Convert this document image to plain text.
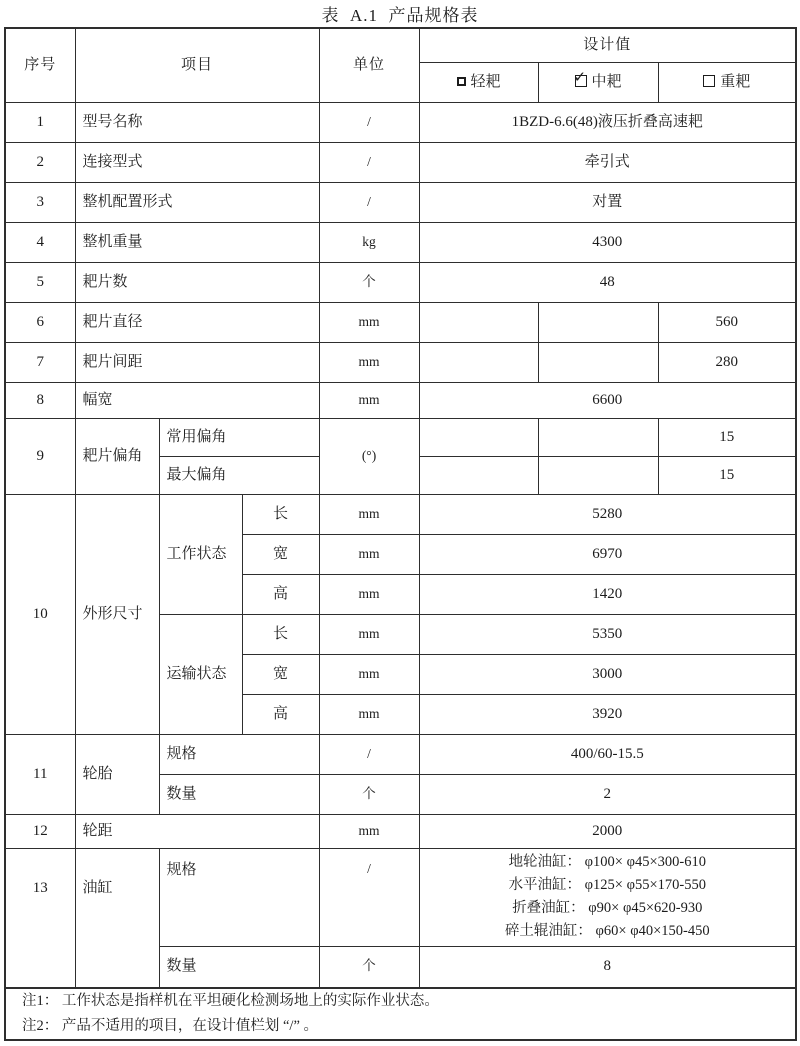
表  A.1  产品规格表
序号	项目			单位	设计值		
					轻耙	✓中耙	重耙
1	型号名称			/	1BZD-6.6(48)液压折叠高速耙		
2	连接型式			/	牵引式		
3	整机配置形式			/	对置		
4	整机重量			kg	4300		
5	耙片数			个	48		
6	耙片直径			mm			560
7	耙片间距			mm			280
8	幅宽			mm	6600		
9	耙片偏角	常用偏角		(°)			15
		最大偏角					15
10	外形尺寸	工作状态	长	mm	5280		
			宽	mm	6970		
			高	mm	1420		
		运输状态	长	mm	5350		
			宽	mm	3000		
			高	mm	3920		
11	轮胎	规格		/	400/60-15.5		
		数量		个	2		
12	轮距			mm	2000		
13	油缸	规格		/	地轮油缸： φ100× φ45×300-610
水平油缸： φ125× φ55×170-550
折叠油缸： φ90× φ45×620-930
碎土辊油缸： φ60× φ40×150-450		

		数量		个	8		

注1： 工作状态是指样机在平坦硬化检测场地上的实际作业状态。
注2： 产品不适用的项目，在设计值栏划 “/” 。							
